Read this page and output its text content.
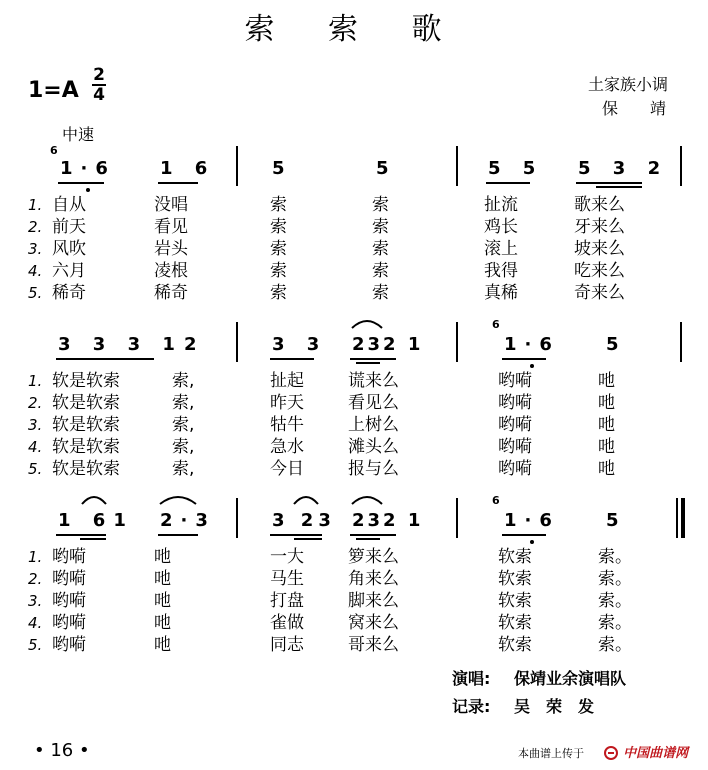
索 索 歌
1=A
2
4
土家族小调
保　　靖
中速
6
1·6 1 6	5	5	5 5 5 3 2
1.
2.
3.
4.
5.
自从	没唱	索	索	扯流	歌来么
前天	看见	索	索	鸡长	牙来么
风吹	岩头	索	索	滚上	坡来么
六月	凌根	索	索	我得	吃来么
稀奇	稀奇	索	索	真稀	奇来么
6
3 3 3 1 2	3 3 232 1	1·6	5
1.
2.
3.
4.
5.
软是软索	索,	扯起	谎来么	哟嗬	吔
软是软索	索,	昨天	看见么	哟嗬	吔
软是软索	索,	牯牛	上树么	哟嗬	吔
软是软索	索,	急水	滩头么	哟嗬	吔
软是软索	索,	今日	报与么	哟嗬	吔
6
1 61 2·3	3 23 232 1	1·6	5
1.
2.
3.
4.
5.
哟嗬	吔	一大	箩来么	软索	索。
哟嗬	吔	马生	角来么	软索	索。
哟嗬	吔	打盘	脚来么	软索	索。
哟嗬	吔	雀做	窝来么	软索	索。
哟嗬	吔	同志	哥来么	软索	索。
演唱: 保靖业余演唱队
记录: 吴　荣　发
• 16 •	本曲谱上传于	中国曲谱网
